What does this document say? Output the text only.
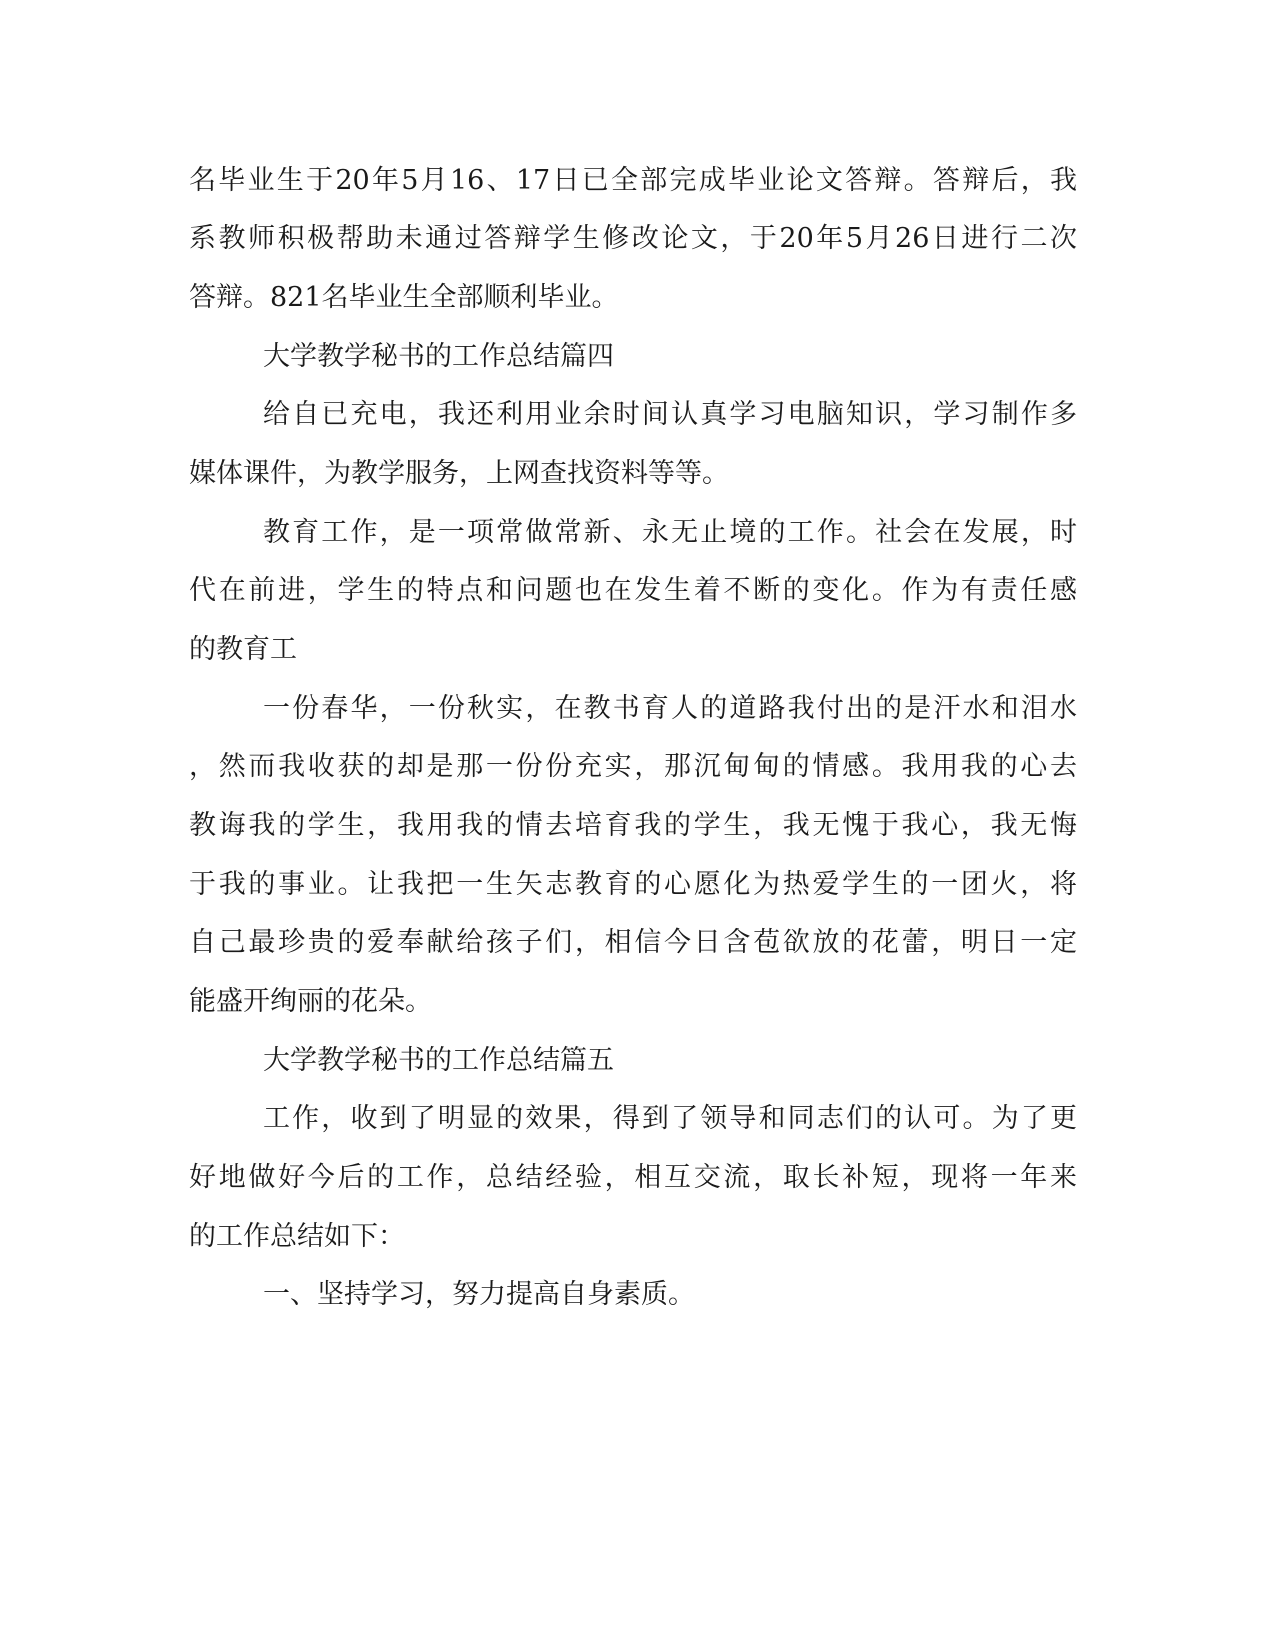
名毕业生于20年5月16、17日已全部完成毕业论文答辩。答辩后，我
系教师积极帮助未通过答辩学生修改论文，于20年5月26日进行二次
答辩。821名毕业生全部顺利毕业。
大学教学秘书的工作总结篇四
给自已充电，我还利用业余时间认真学习电脑知识，学习制作多
媒体课件，为教学服务，上网查找资料等等。
教育工作，是一项常做常新、永无止境的工作。社会在发展，时
代在前进，学生的特点和问题也在发生着不断的变化。作为有责任感
的教育工
一份春华，一份秋实，在教书育人的道路我付出的是汗水和泪水
，然而我收获的却是那一份份充实，那沉甸甸的情感。我用我的心去
教诲我的学生，我用我的情去培育我的学生，我无愧于我心，我无悔
于我的事业。让我把一生矢志教育的心愿化为热爱学生的一团火，将
自己最珍贵的爱奉献给孩子们，相信今日含苞欲放的花蕾，明日一定
能盛开绚丽的花朵。
大学教学秘书的工作总结篇五
工作，收到了明显的效果，得到了领导和同志们的认可。为了更
好地做好今后的工作，总结经验，相互交流，取长补短，现将一年来
的工作总结如下：
一、坚持学习，努力提高自身素质。
